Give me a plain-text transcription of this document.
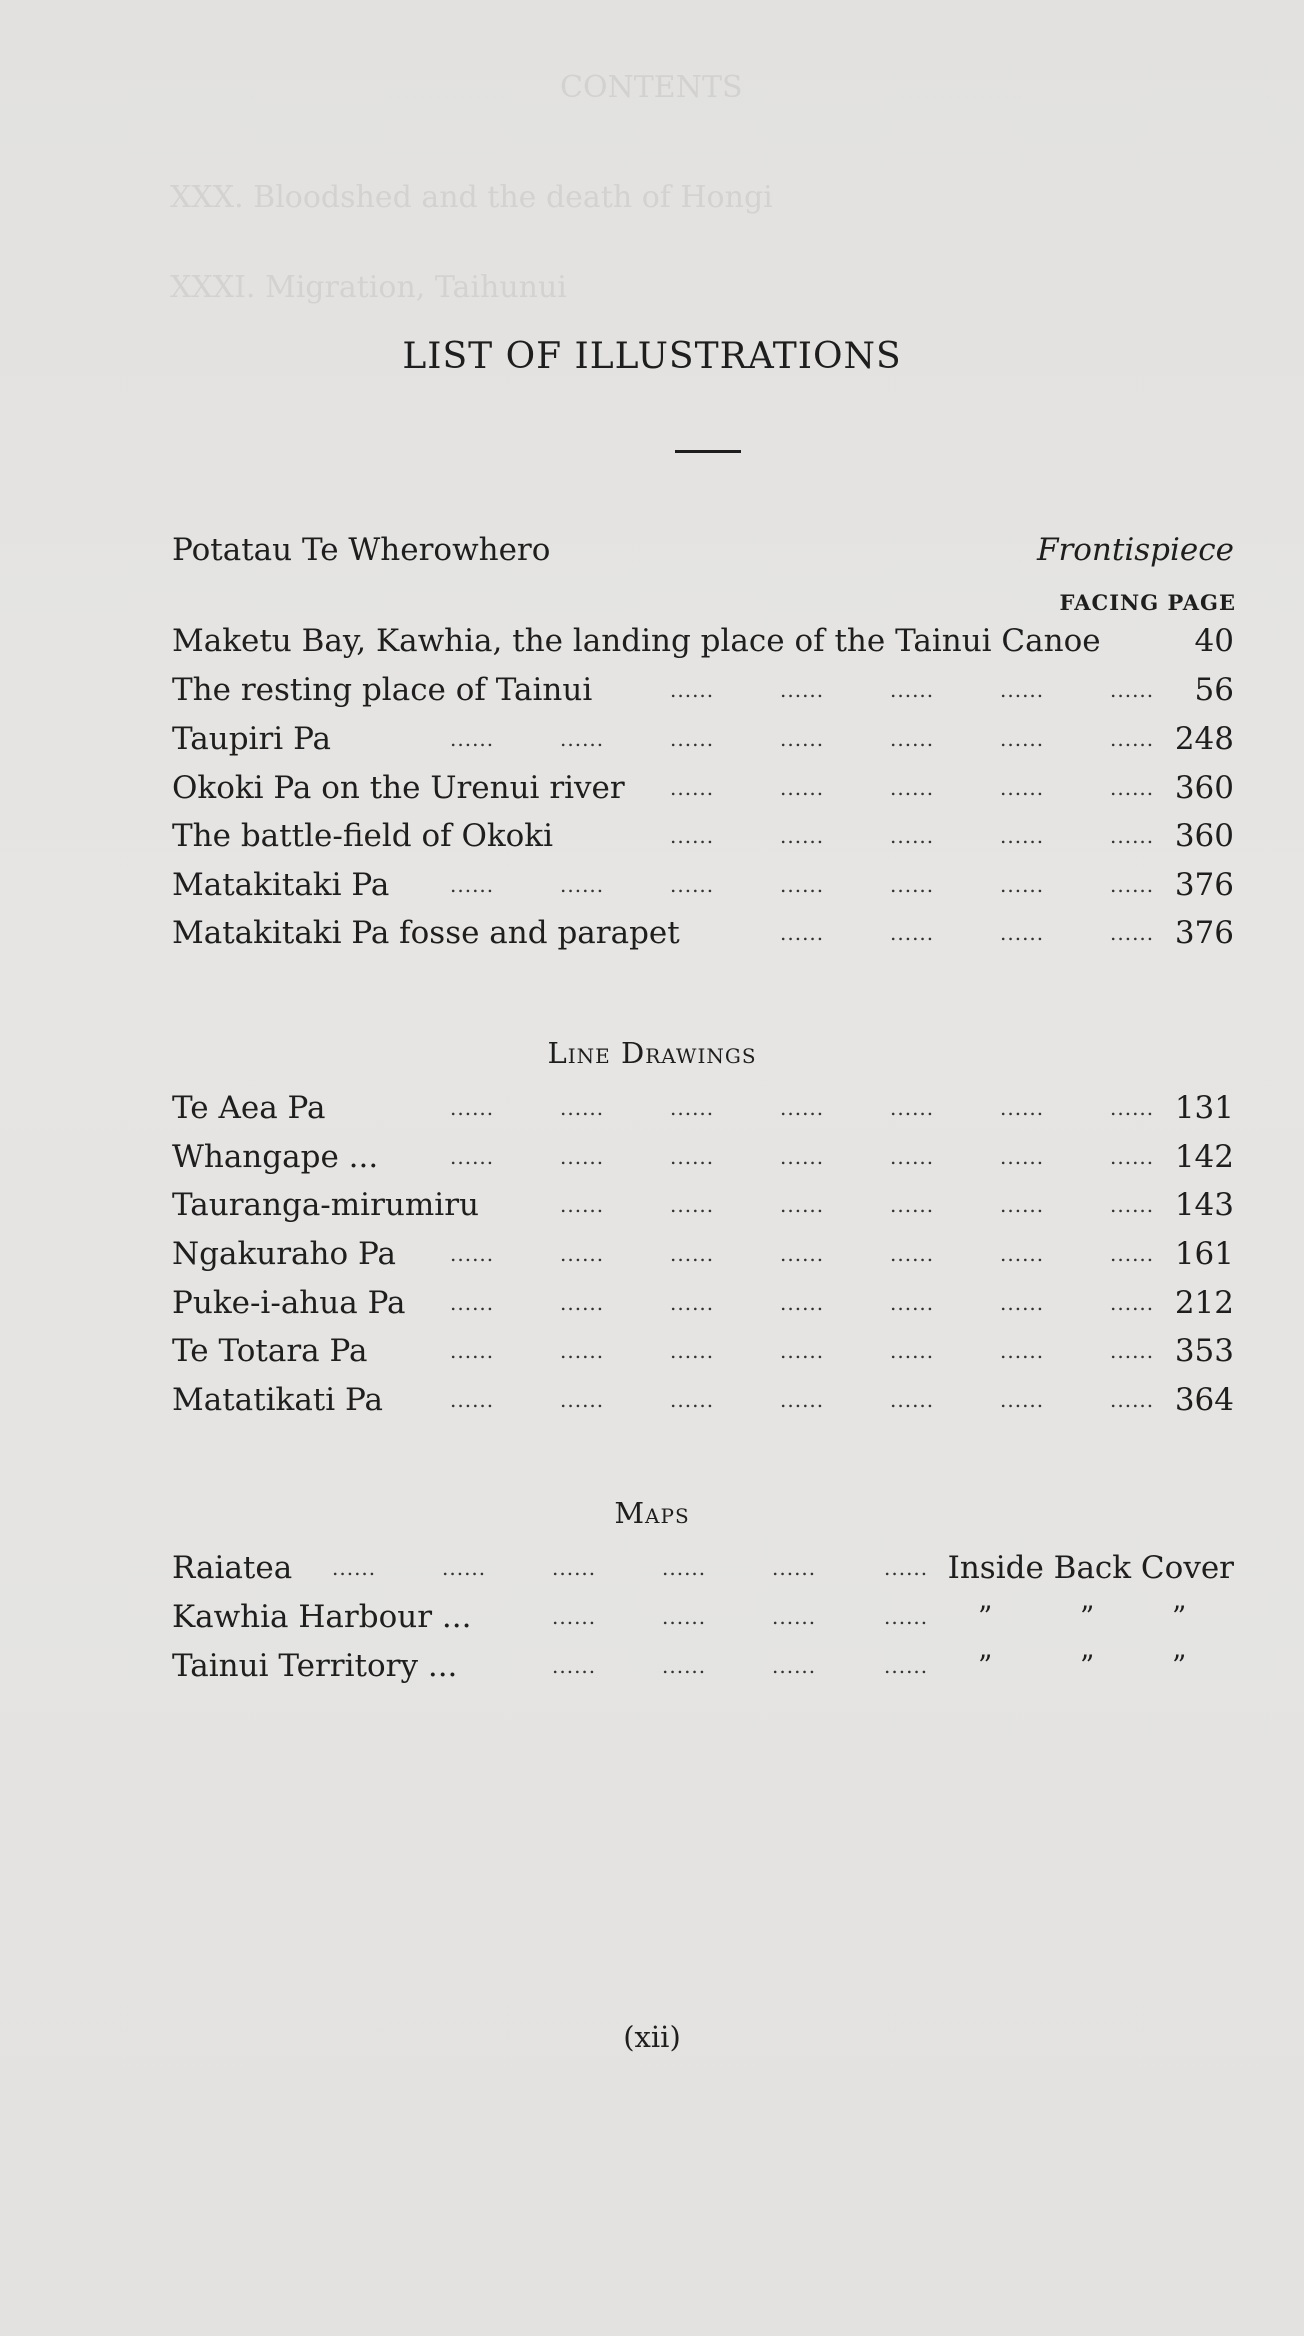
CONTENTS
XXX. Bloodshed and the death of Hongi
XXXI. Migration, Taihunui
LIST OF ILLUSTRATIONS
Potatau Te Wherowhero	Frontispiece
FACING PAGE
Maketu Bay, Kawhia, the landing place of the Tainui Canoe	40
The resting place of Tainui	......	......	......	......	...... 56
Taupiri Pa	......	......	......	......	......	......	...... 248
Okoki Pa on the Urenui river ......	......	......	......	...... 360
The battle-field of Okoki	......	......	......	......	...... 360
Matakitaki Pa	......	......	......	......	......	......	...... 376
Matakitaki Pa fosse and parapet	......	......	......	...... 376
Line Drawings
Te Aea Pa	......	......	......	......	......	......	...... 131
Whangape ...	......	......	......	......	......	......	...... 142
Tauranga-mirumiru	......	......	......	......	......	...... 143
Ngakuraho Pa	......	......	......	......	......	......	...... 161
Puke-i-ahua Pa ......	......	......	......	......	......	...... 212
Te Totara Pa	......	......	......	......	......	......	...... 353
Matatikati Pa	......	......	......	......	......	......	...... 364
Maps
Raiatea ......	......	......	......	......	...... Inside Back Cover
Kawhia Harbour ...	......	......	......	...... ”	”	”
Tainui Territory ...	......	......	......	...... ”	”	”
(xii)
